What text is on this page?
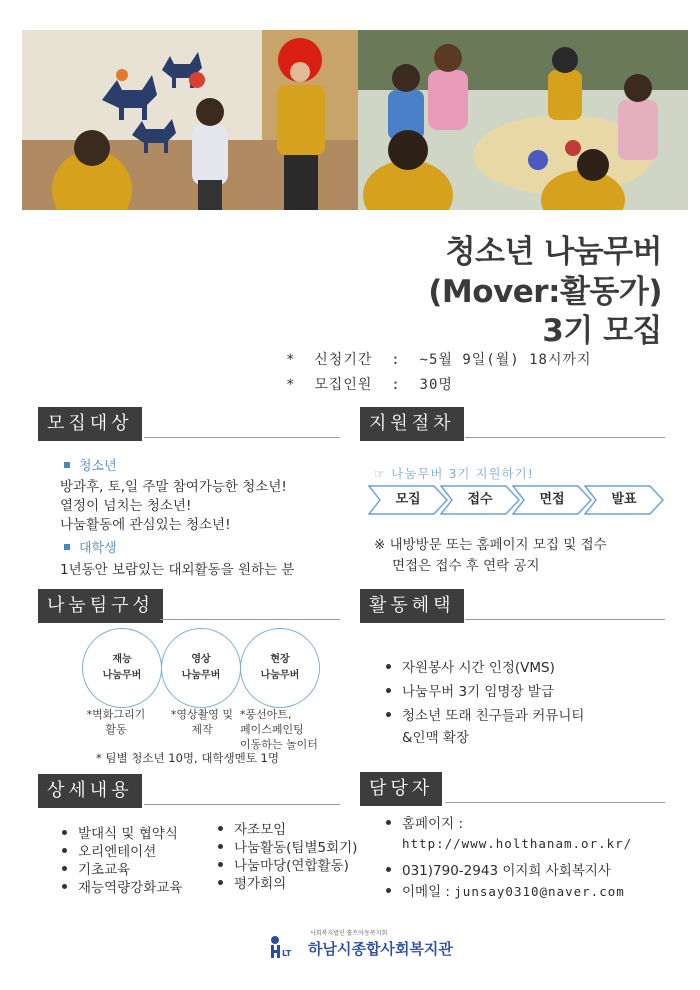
청소년 나눔무버
(Mover:활동가)
3기 모집
*  신청기간  :  ~5월 9일(월) 18시까지
*  모집인원  :  30명
모집대상
청소년
방과후, 토,일 주말 참여가능한 청소년!
열정이 넘치는 청소년!
나눔활동에 관심있는 청소년!
대학생
1년동안 보람있는 대외활동을 원하는 분
지원절차
☞ 나눔무버 3기 지원하기!
모집	접수	면접	발표
※ 내방방문 또는 홈페이지 모집 및 접수
면접은 접수 후 연락 공지
나눔팀구성
재능
나눔무버
영상
나눔무버
현장
나눔무버
*벽화그리기
활동
*영상촬영 및
제작
*풍선아트,
페이스페인팅
이동하는 놀이터
* 팀별 청소년 10명, 대학생멘토 1명
활동혜택
자원봉사 시간 인정(VMS)
나눔무버 3기 임명장 발급
청소년 또래 친구들과 커뮤니티
&인맥 확장
상세내용
발대식 및 협약식
오리엔테이션
기초교육
재능역량강화교육
자조모임
나눔활동(팀별5회기)
나눔마당(연합활동)
평가회의
담당자
홈페이지 :
http://www.holthanam.or.kr/
031)790-2943 이지희 사회복지사
이메일 : junsay0310@naver.com
LT
사회복지법인 홀트아동복지회
하남시종합사회복지관
